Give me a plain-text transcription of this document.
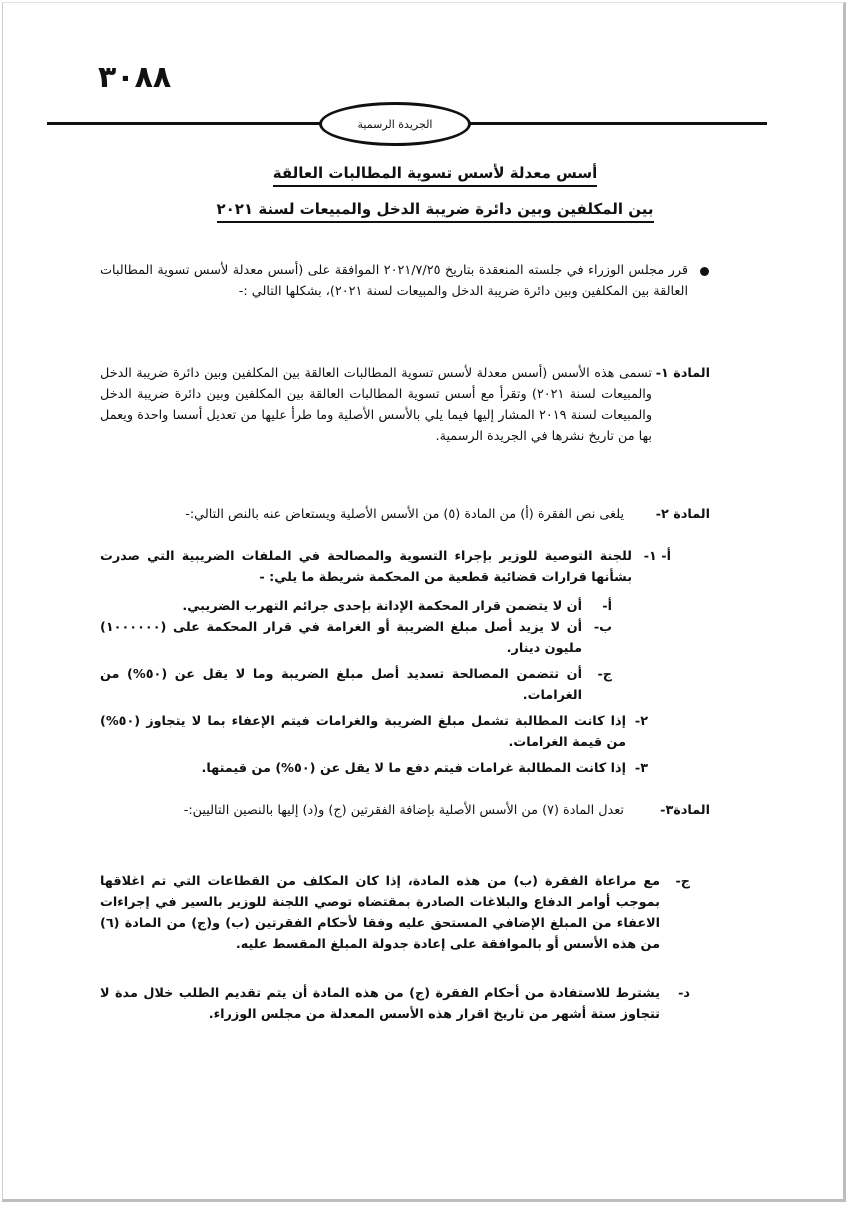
٣٠٨٨
الجريدة الرسمية
أسس معدلة لأسس تسوية المطالبات العالقة
بين المكلفين وبين دائرة ضريبة الدخل والمبيعات لسنة ٢٠٢١
قرر مجلس الوزراء في جلسته المنعقدة بتاريخ ٢٠٢١/٧/٢٥ الموافقة على (أسس معدلة لأسس تسوية المطالبات العالقة بين المكلفين وبين دائرة ضريبة الدخل والمبيعات لسنة ٢٠٢١)، بشكلها التالي :-
المادة ١-
تسمى هذه الأسس (أسس معدلة لأسس تسوية المطالبات العالقة بين المكلفين وبين دائرة ضريبة الدخل والمبيعات لسنة ٢٠٢١) وتقرأ مع أسس تسوية المطالبات العالقة بين المكلفين وبين دائرة ضريبة الدخل والمبيعات لسنة ٢٠١٩ المشار إليها فيما يلي بالأسس الأصلية وما طرأ عليها من تعديل أسسا واحدة ويعمل بها من تاريخ نشرها في الجريدة الرسمية.
المادة ٢-
يلغى نص الفقرة (أ) من المادة (٥) من الأسس الأصلية ويستعاض عنه بالنص التالي:-
أ- ١-
للجنة التوصية للوزير بإجراء التسوية والمصالحة في الملفات الضريبية التي صدرت بشأنها قرارات قضائية قطعية من المحكمة شريطة ما يلي: -
أ-
أن لا يتضمن قرار المحكمة الإدانة بإحدى جرائم التهرب الضريبي.
ب-
أن لا يزيد أصل مبلغ الضريبة أو الغرامة في قرار المحكمة على (١٠٠٠٠٠٠) مليون دينار.
ج-
أن تتضمن المصالحة تسديد أصل مبلغ الضريبة وما لا يقل عن (٥٠%) من الغرامات.
٢-
إذا كانت المطالبة تشمل مبلغ الضريبة والغرامات فيتم الإعفاء بما لا يتجاوز (٥٠%) من قيمة الغرامات.
٣-
إذا كانت المطالبة غرامات فيتم دفع ما لا يقل عن (٥٠%) من قيمتها.
المادة٣-
تعدل المادة (٧) من الأسس الأصلية بإضافة الفقرتين (ج) و(د) إليها بالنصين التاليين:-
ج-
مع مراعاة الفقرة (ب) من هذه المادة، إذا كان المكلف من القطاعات التي تم اغلاقها بموجب أوامر الدفاع والبلاغات الصادرة بمقتضاه توصي اللجنة للوزير بالسير في إجراءات الاعفاء من المبلغ الإضافي المستحق عليه وفقا لأحكام الفقرتين (ب) و(ج) من المادة (٦) من هذه الأسس أو بالموافقة على إعادة جدولة المبلغ المقسط عليه.
د-
يشترط للاستفادة من أحكام الفقرة (ج) من هذه المادة أن يتم تقديم الطلب خلال مدة لا تتجاوز ستة أشهر من تاريخ اقرار هذه الأسس المعدلة من مجلس الوزراء.
